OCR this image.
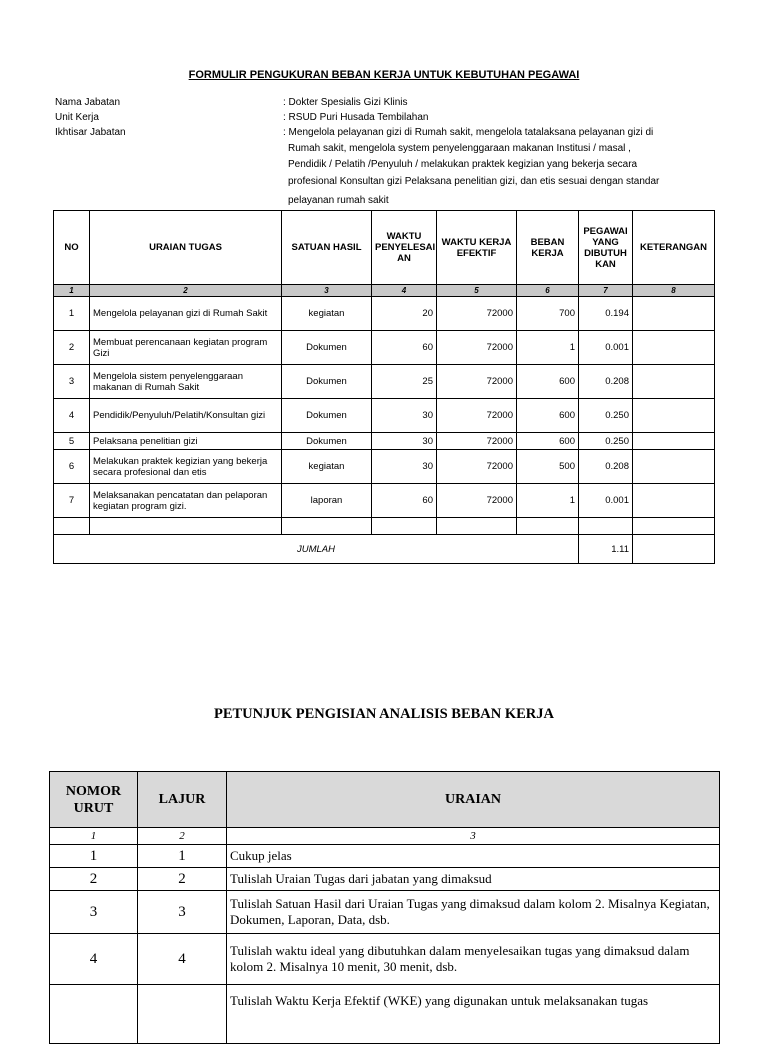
FORMULIR PENGUKURAN BEBAN KERJA UNTUK KEBUTUHAN PEGAWAI
Nama Jabatan	: Dokter Spesialis Gizi Klinis
Unit Kerja	: RSUD Puri Husada Tembilahan
Ikhtisar Jabatan	: Mengelola pelayanan gizi di Rumah sakit, mengelola tatalaksana pelayanan gizi di
Rumah sakit, mengelola system penyelenggaraan makanan Institusi / masal ,
Pendidik / Pelatih /Penyuluh / melakukan praktek kegizian yang bekerja secara
profesional Konsultan gizi Pelaksana penelitian gizi, dan etis sesuai dengan standar
pelayanan rumah sakit
NO	URAIAN TUGAS	SATUAN HASIL	WAKTU PENYELESAI AN	WAKTU KERJA EFEKTIF	BEBAN KERJA	PEGAWAI YANG DIBUTUH KAN	KETERANGAN
1	2	3	4	5	6	7	8
1	Mengelola pelayanan gizi di Rumah Sakit	kegiatan	20	72000	700	0.194	
2	Membuat perencanaan kegiatan program Gizi	Dokumen	60	72000	1	0.001	
3	Mengelola sistem penyelenggaraan makanan di Rumah Sakit	Dokumen	25	72000	600	0.208	
4	Pendidik/Penyuluh/Pelatih/Konsultan gizi	Dokumen	30	72000	600	0.250	
5	Pelaksana penelitian gizi	Dokumen	30	72000	600	0.250	
6	Melakukan praktek kegizian yang bekerja secara profesional dan etis	kegiatan	30	72000	500	0.208	
7	Melaksanakan pencatatan dan pelaporan kegiatan program gizi.	laporan	60	72000	1	0.001	

JUMLAH						1.11	
PETUNJUK PENGISIAN ANALISIS BEBAN KERJA
NOMOR URUT	LAJUR	URAIAN
1	2	3
1	1	Cukup jelas
2	2	Tulislah Uraian Tugas dari jabatan yang dimaksud
3	3	Tulislah Satuan Hasil dari Uraian Tugas yang dimaksud dalam kolom 2. Misalnya Kegiatan, Dokumen, Laporan, Data, dsb.
4	4	Tulislah waktu ideal yang dibutuhkan dalam menyelesaikan tugas yang dimaksud dalam kolom 2. Misalnya 10 menit, 30 menit, dsb.
		Tulislah Waktu Kerja Efektif (WKE) yang digunakan untuk melaksanakan tugas
